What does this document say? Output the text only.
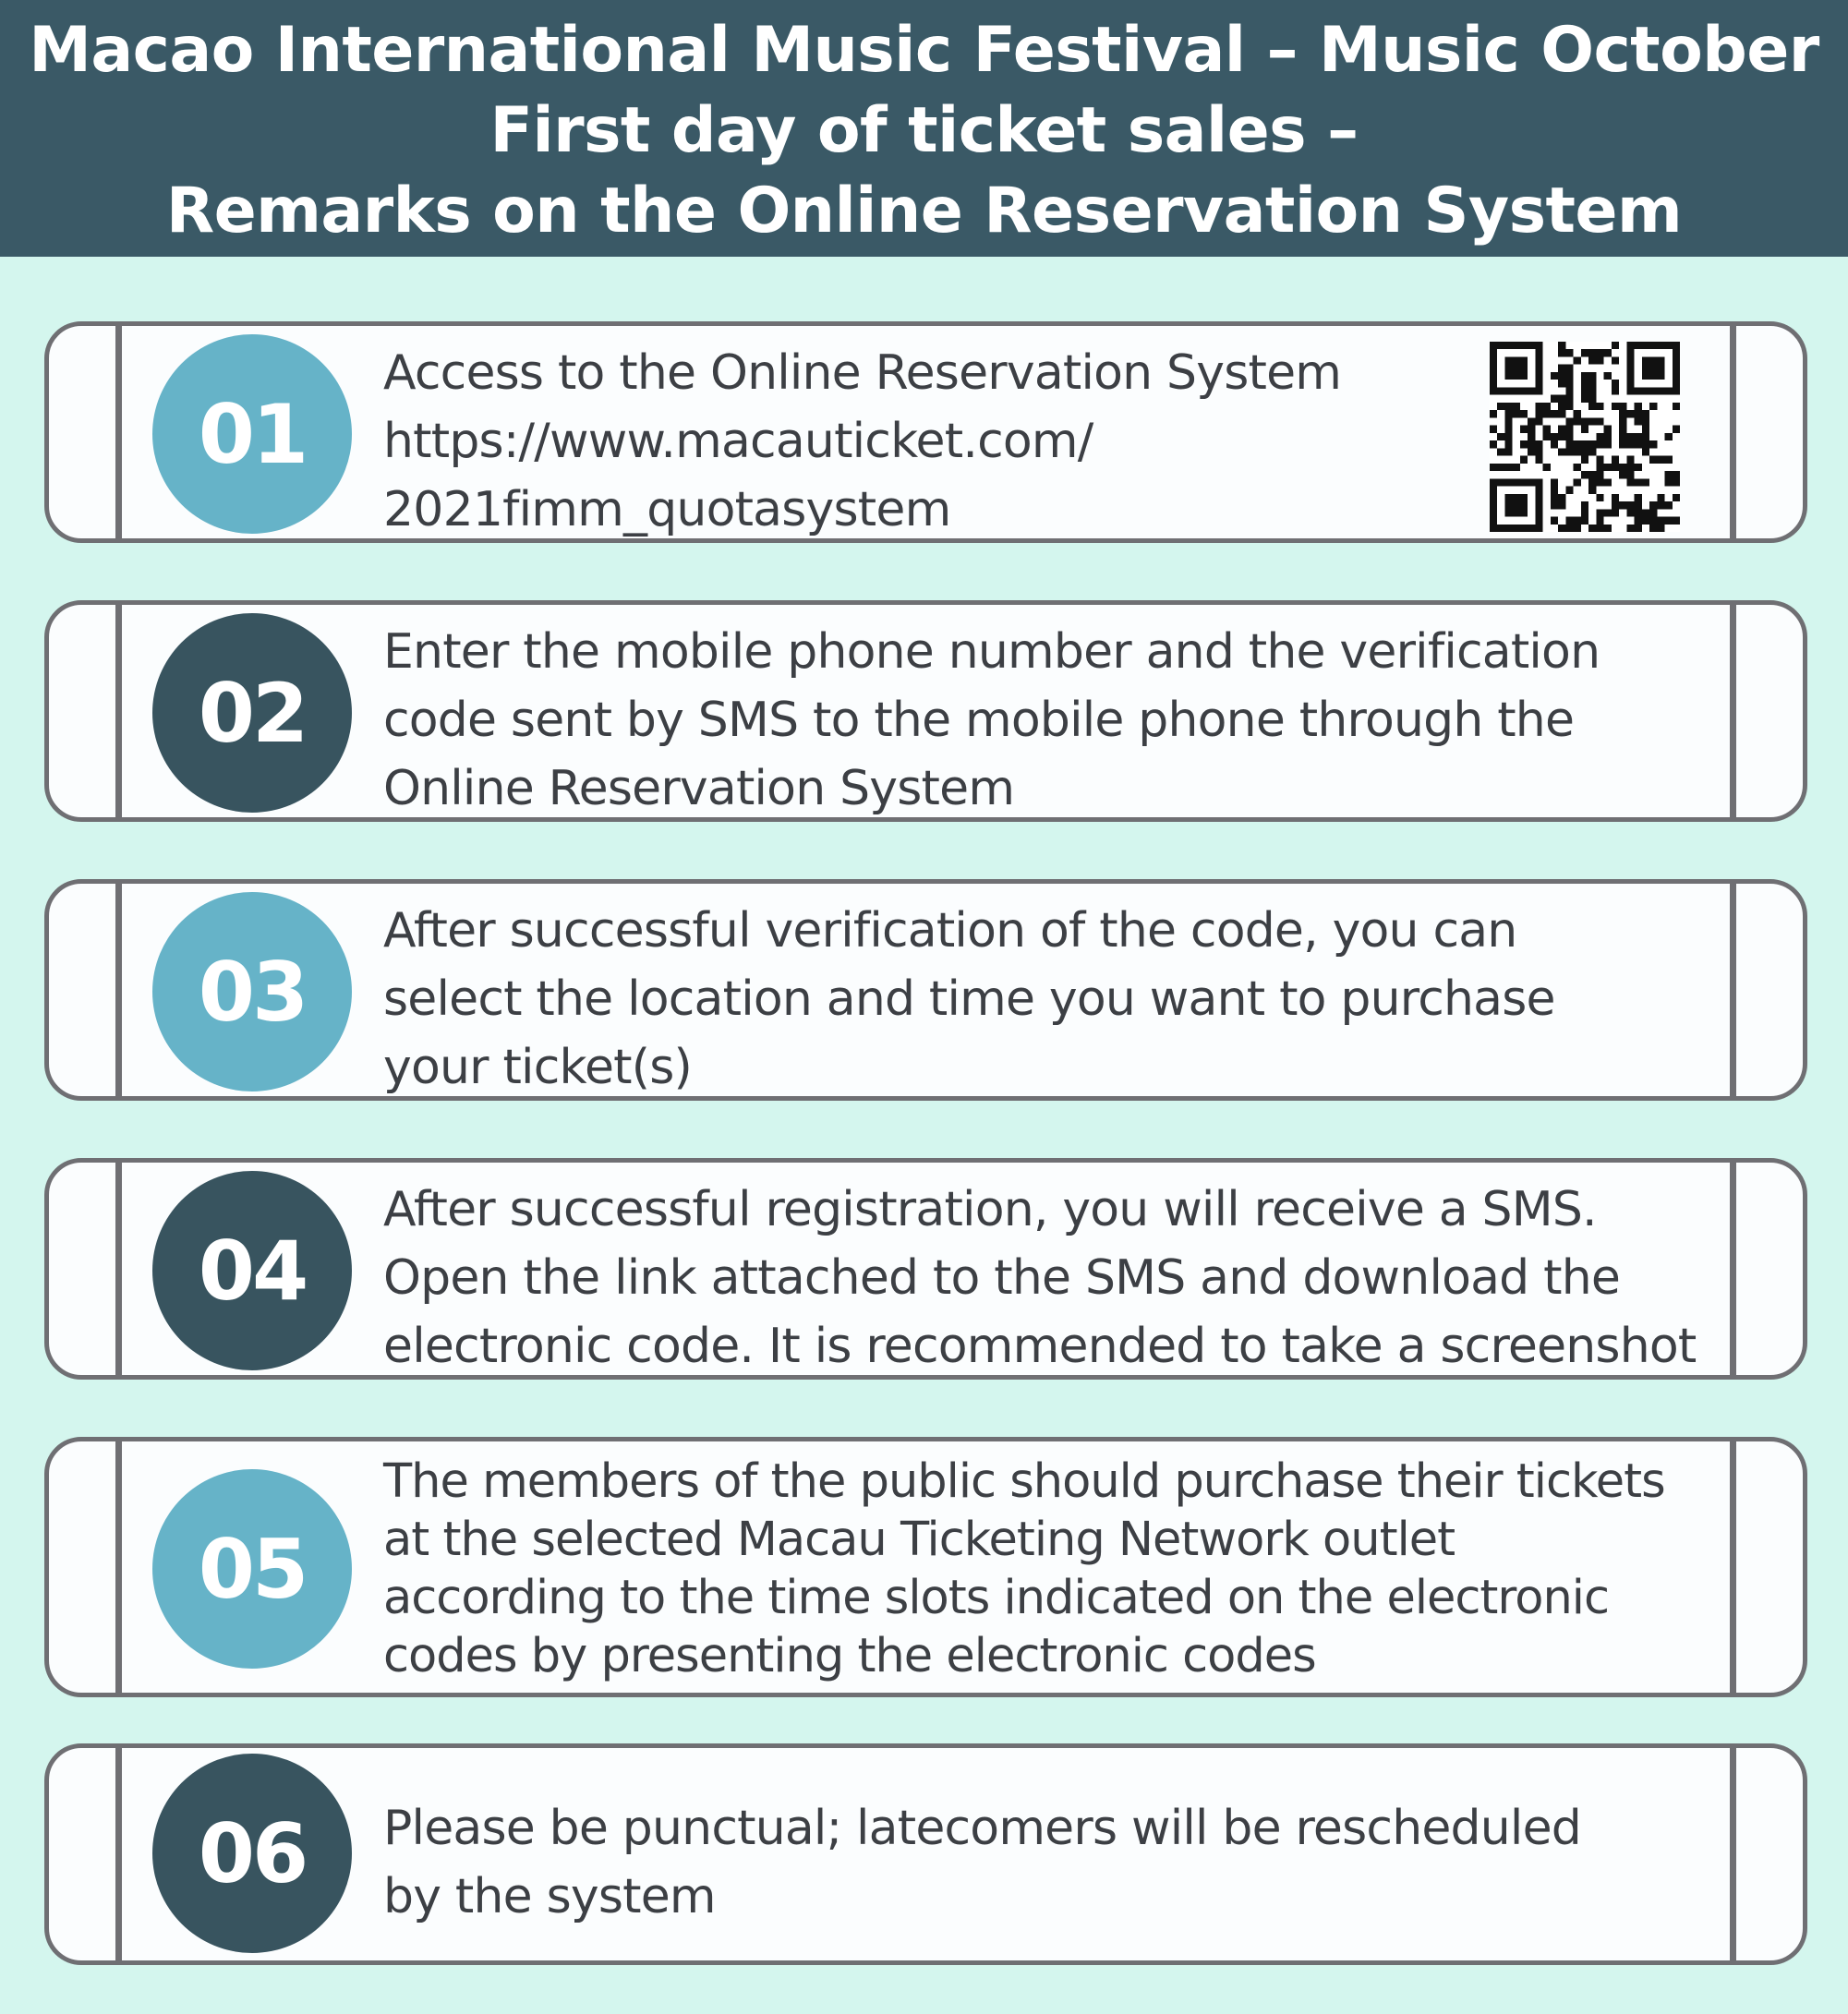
Macao International Music Festival – Music October
First day of ticket sales –
Remarks on the Online Reservation System
01
Access to the Online Reservation System
https://www.macauticket.com/
2021fimm_quotasystem
02
Enter the mobile phone number and the verification
code sent by SMS to the mobile phone through the
Online Reservation System
03
After successful verification of the code, you can
select the location and time you want to purchase
your ticket(s)
04
After successful registration, you will receive a SMS.
Open the link attached to the SMS and download the
electronic code. It is recommended to take a screenshot
05
The members of the public should purchase their tickets
at the selected Macau Ticketing Network outlet
according to the time slots indicated on the electronic
codes by presenting the electronic codes
06	Please be punctual; latecomers will be rescheduled
by the system
